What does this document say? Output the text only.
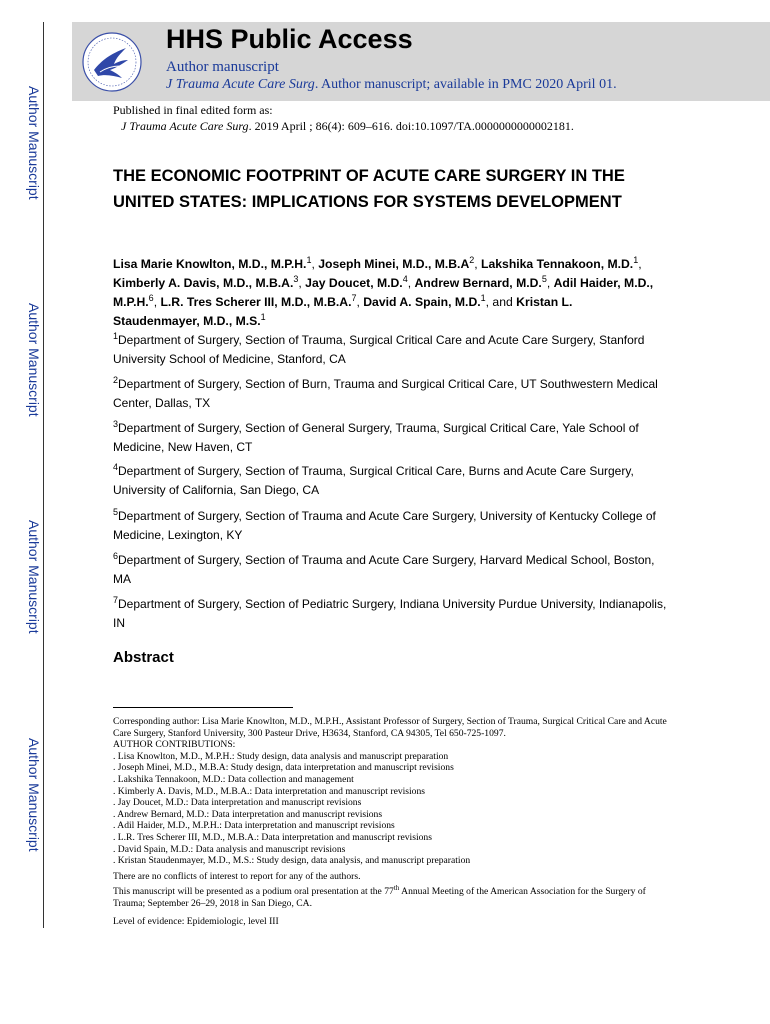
HHS Public Access
Author manuscript
J Trauma Acute Care Surg. Author manuscript; available in PMC 2020 April 01.
Author Manuscript
Author Manuscript
Author Manuscript
Author Manuscript
Published in final edited form as:
J Trauma Acute Care Surg. 2019 April ; 86(4): 609–616. doi:10.1097/TA.0000000000002181.
THE ECONOMIC FOOTPRINT OF ACUTE CARE SURGERY IN THE UNITED STATES: IMPLICATIONS FOR SYSTEMS DEVELOPMENT
Lisa Marie Knowlton, M.D., M.P.H.$^1$, Joseph Minei, M.D., $M.B.A^2$, Lakshika Tennakoon, M.D.$^1$, Kimberly A. Davis, M.D., M.B.A.$^3$, Jay Doucet, M.D.$^4$, Andrew Bernard, M.D.$^5$, Adil Haider, M.D., M.P.H.$^6$, L.R. Tres Scherer III, M.D., M.B.A.$^7$, David A. Spain, M.D.$^1$, and Kristan L. Staudenmayer, M.D., M.S.$^1$
$^1$Department of Surgery, Section of Trauma, Surgical Critical Care and Acute Care Surgery, Stanford University School of Medicine, Stanford, CA
$^2$Department of Surgery, Section of Burn, Trauma and Surgical Critical Care, UT Southwestern Medical Center, Dallas, TX
$^3$Department of Surgery, Section of General Surgery, Trauma, Surgical Critical Care, Yale School of Medicine, New Haven, CT
$^4$Department of Surgery, Section of Trauma, Surgical Critical Care, Burns and Acute Care Surgery, University of California, San Diego, CA
$^5$Department of Surgery, Section of Trauma and Acute Care Surgery, University of Kentucky College of Medicine, Lexington, KY
$^6$Department of Surgery, Section of Trauma and Acute Care Surgery, Harvard Medical School, Boston, MA
$^7$Department of Surgery, Section of Pediatric Surgery, Indiana University Purdue University, Indianapolis, IN
Abstract
Corresponding author: Lisa Marie Knowlton, M.D., M.P.H., Assistant Professor of Surgery, Section of Trauma, Surgical Critical Care and Acute Care Surgery, Stanford University, 300 Pasteur Drive, H3634, Stanford, CA 94305, Tel 650-725-1097.
AUTHOR CONTRIBUTIONS:
. Lisa Knowlton, M.D., M.P.H.: Study design, data analysis and manuscript preparation
. Joseph Minei, M.D., M.B.A: Study design, data interpretation and manuscript revisions
. Lakshika Tennakoon, M.D.: Data collection and management
. Kimberly A. Davis, M.D., M.B.A.: Data interpretation and manuscript revisions
. Jay Doucet, M.D.: Data interpretation and manuscript revisions
. Andrew Bernard, M.D.: Data interpretation and manuscript revisions
. Adil Haider, M.D., M.P.H.: Data interpretation and manuscript revisions
. L.R. Tres Scherer III, M.D., M.B.A.: Data interpretation and manuscript revisions
. David Spain, M.D.: Data analysis and manuscript revisions
. Kristan Staudenmayer, M.D., M.S.: Study design, data analysis, and manuscript preparation
There are no conflicts of interest to report for any of the authors.
This manuscript will be presented as a podium oral presentation at the 77th Annual Meeting of the American Association for the Surgery of Trauma; September 26–29, 2018 in San Diego, CA.
Level of evidence: Epidemiologic, level III
